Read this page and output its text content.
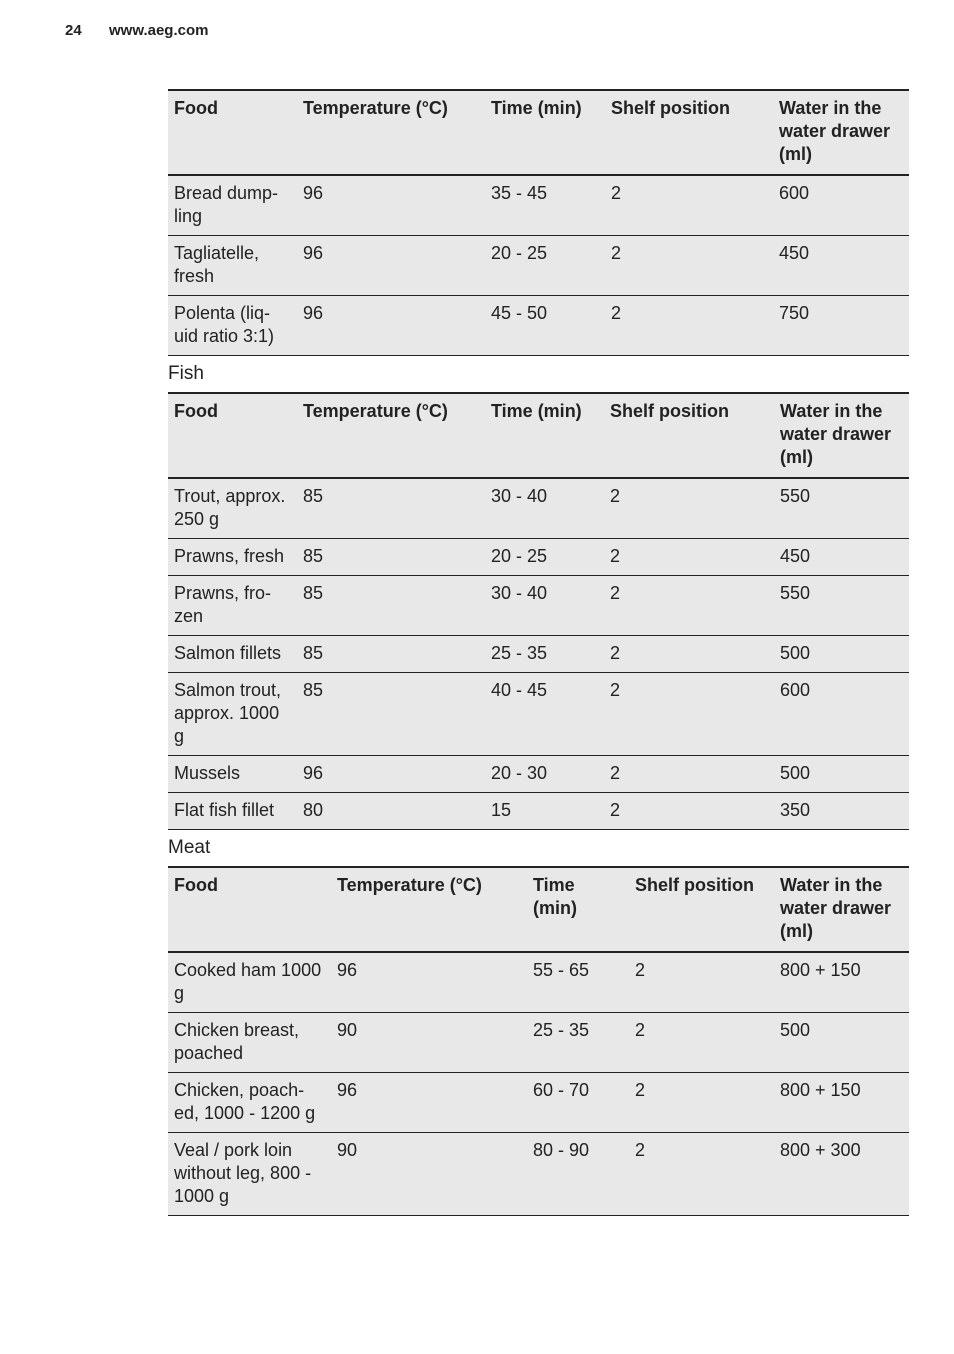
24 www.aeg.com
Food	Temperature (°C)	Time (min)	Shelf position	Water in the water drawer (ml)
Bread dump-ling	96	35 - 45	2	600
Tagliatelle, fresh	96	20 - 25	2	450
Polenta (liq-uid ratio 3:1)	96	45 - 50	2	750
Fish
Food	Temperature (°C)	Time (min)	Shelf position	Water in the water drawer (ml)
Trout, approx. 250 g	85	30 - 40	2	550
Prawns, fresh	85	20 - 25	2	450
Prawns, fro-zen	85	30 - 40	2	550
Salmon fillets	85	25 - 35	2	500
Salmon trout, approx. 1000 g	85	40 - 45	2	600
Mussels	96	20 - 30	2	500
Flat fish fillet	80	15	2	350
Meat
Food	Temperature (°C)	Time (min)	Shelf position	Water in the water drawer (ml)
Cooked ham 1000 g	96	55 - 65	2	800 + 150
Chicken breast, poached	90	25 - 35	2	500
Chicken, poach-ed, 1000 - 1200 g	96	60 - 70	2	800 + 150
Veal / pork loin without leg, 800 - 1000 g	90	80 - 90	2	800 + 300
